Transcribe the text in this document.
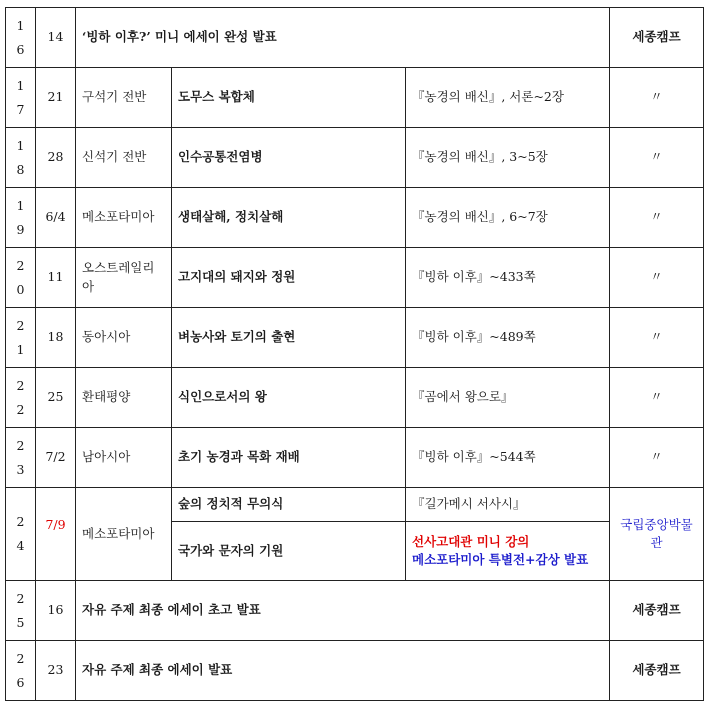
1
6	14	‘빙하 이후?’ 미니 에세이 완성 발표			세종캠프

1
7	21	구석기 전반	도무스 복합체	『농경의 배신』, 서론~2장	〃

1
8	28	신석기 전반	인수공통전염병	『농경의 배신』, 3~5장	〃

1
9	6/4	메소포타미아	생태살해, 정치살해	『농경의 배신』, 6~7장	〃

2
0	11	오스트레일리아	고지대의 돼지와 정원	『빙하 이후』~433쪽	〃

2
1	18	동아시아	벼농사와 토기의 출현	『빙하 이후』~489쪽	〃

2
2	25	환태평양	식인으로서의 왕	『곰에서 왕으로』	〃

2
3	7/2	남아시아	초기 농경과 목화 재배	『빙하 이후』~544쪽	〃

2
4	7/9	메소포타미아	숲의 정치적 무의식	『길가메시 서사시』	국립중앙박물관
			국가와 문자의 기원	선사고대관 미니 강의
메소포타미아 특별전+감상 발표	

2
5	16	자유 주제 최종 에세이 초고 발표			세종캠프

2
6	23	자유 주제 최종 에세이 발표			세종캠프
